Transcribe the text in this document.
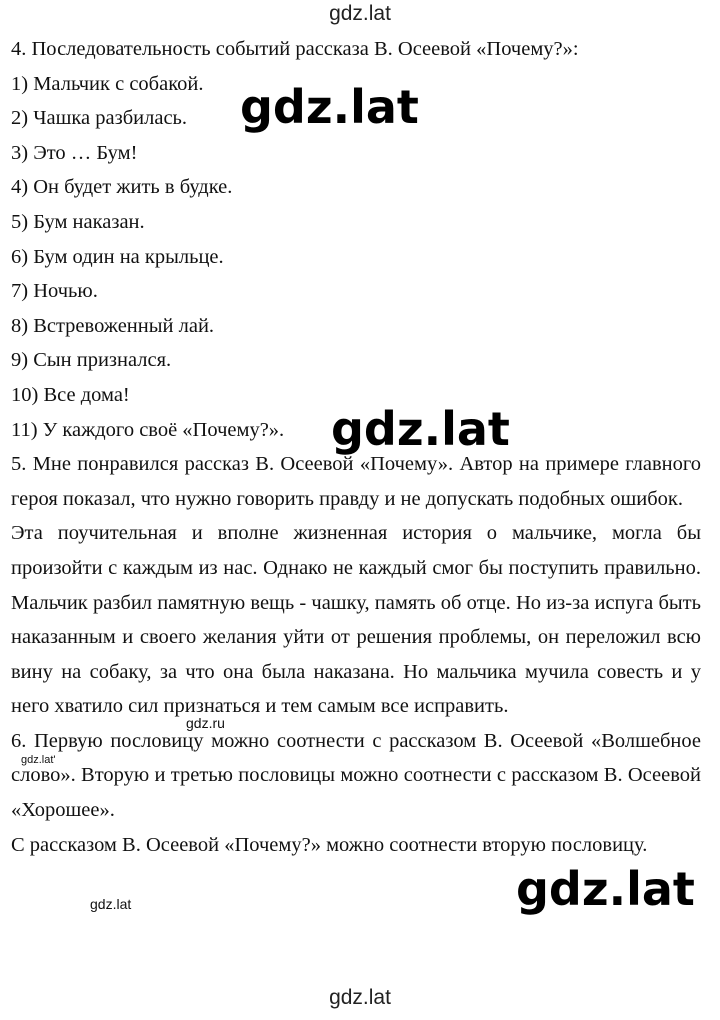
gdz.lat
4. Последовательность событий рассказа В. Осеевой «Почему?»:
1) Мальчик с собакой.
2) Чашка разбилась.
3) Это … Бум!
4) Он будет жить в будке.
5) Бум наказан.
6) Бум один на крыльце.
7) Ночью.
8) Встревоженный лай.
9) Сын признался.
10) Все дома!
11) У каждого своё «Почему?».
5. Мне понравился рассказ В. Осеевой «Почему». Автор на примере главного героя показал, что нужно говорить правду и не допускать подобных ошибок.
Эта поучительная и вполне жизненная история о мальчике, могла бы произойти с каждым из нас. Однако не каждый смог бы поступить правильно. Мальчик разбил памятную вещь - чашку, память об отце. Но из-за испуга быть наказанным и своего желания уйти от решения проблемы, он переложил всю вину на собаку, за что она была наказана. Но мальчика мучила совесть и у него хватило сил признаться и тем самым все исправить.
6. Первую пословицу можно соотнести с рассказом В. Осеевой «Волшебное слово». Вторую и третью пословицы можно соотнести с рассказом В. Осеевой «Хорошее».
С рассказом В. Осеевой «Почему?» можно соотнести вторую пословицу.
gdz.lat
gdz.lat
gdz.lat
gdz.ru
gdz.lat
gdz.lat'
gdz.lat
